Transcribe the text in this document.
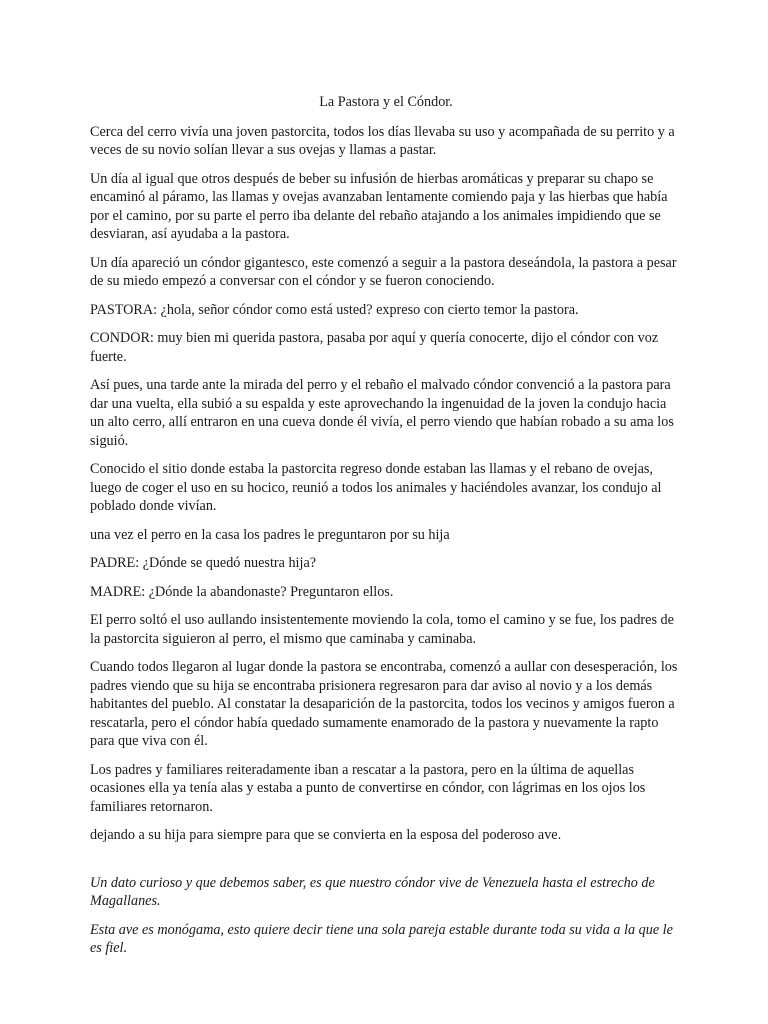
La Pastora y el Cóndor.

Cerca del cerro vivía una joven pastorcita, todos los días llevaba su uso y acompañada de su perrito y a veces de su novio solían llevar a sus ovejas y llamas a pastar.

Un día al igual que otros después de beber su infusión de hierbas aromáticas y preparar su chapo se encaminó al páramo, las llamas y ovejas avanzaban lentamente comiendo paja y las hierbas que había por el camino, por su parte el perro iba delante del rebaño atajando a los animales impidiendo que se desviaran, así ayudaba a la pastora.

Un día apareció un cóndor gigantesco, este comenzó a seguir a la pastora deseándola, la pastora a pesar de su miedo empezó a conversar con el cóndor y se fueron conociendo.

PASTORA: ¿hola, señor cóndor como está usted? expreso con cierto temor la pastora.

CONDOR: muy bien mi querida pastora, pasaba por aquí y quería conocerte, dijo el cóndor con voz fuerte.

Así pues, una tarde ante la mirada del perro y el rebaño el malvado cóndor convenció a la pastora para dar una vuelta, ella subió a su espalda y este aprovechando la ingenuidad de la joven la condujo hacia un alto cerro, allí entraron en una cueva donde él vivía, el perro viendo que habían robado a su ama los siguió.

Conocido el sitio donde estaba la pastorcita regreso donde estaban las llamas y el rebano de ovejas, luego de coger el uso en su hocico, reunió a todos los animales y haciéndoles avanzar, los condujo al poblado donde vivían.

una vez el perro en la casa los padres le preguntaron por su hija

PADRE: ¿Dónde se quedó nuestra hija?

MADRE: ¿Dónde la abandonaste? Preguntaron ellos.

El perro soltó el uso aullando insistentemente moviendo la cola, tomo el camino y se fue, los padres de la pastorcita siguieron al perro, el mismo que caminaba y caminaba.

Cuando todos llegaron al lugar donde la pastora se encontraba, comenzó a aullar con desesperación, los padres viendo que su hija se encontraba prisionera regresaron para dar aviso al novio y a los demás habitantes del pueblo. Al constatar la desaparición de la pastorcita, todos los vecinos y amigos fueron a rescatarla, pero el cóndor había quedado sumamente enamorado de la pastora y nuevamente la rapto para que viva con él.

Los padres y familiares reiteradamente iban a rescatar a la pastora, pero en la última de aquellas ocasiones ella ya tenía alas y estaba a punto de convertirse en cóndor, con lágrimas en los ojos los familiares retornaron.

dejando a su hija para siempre para que se convierta en la esposa del poderoso ave.

Un dato curioso y que debemos saber, es que nuestro cóndor vive de Venezuela hasta el estrecho de Magallanes.

Esta ave es monógama, esto quiere decir tiene una sola pareja estable durante toda su vida a la que le es fiel.
